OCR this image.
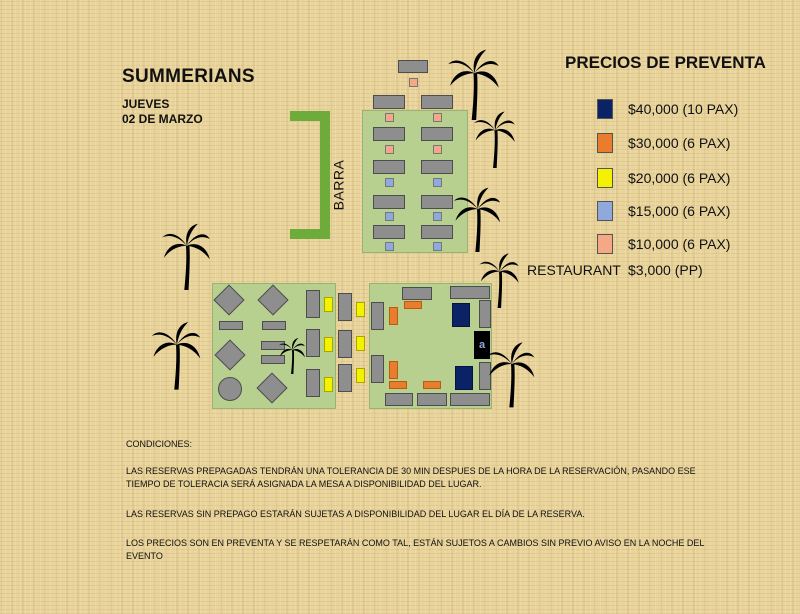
SUMMERIANS
JUEVES
02 DE MARZO
PRECIOS DE PREVENTA
$40,000 (10 PAX)
$30,000 (6 PAX)
$20,000 (6 PAX)
$15,000 (6 PAX)
$10,000 (6 PAX)
RESTAURANT $3,000 (PP)
BARRA
a
CONDICIONES:
LAS RESERVAS PREPAGADAS TENDRÁN UNA TOLERANCIA DE 30 MIN DESPUES DE LA HORA DE LA RESERVACIÓN, PASANDO ESE TIEMPO DE TOLERACIA SERÁ ASIGNADA LA MESA A DISPONIBILIDAD DEL LUGAR.
LAS RESERVAS SIN PREPAGO ESTARÁN SUJETAS A DISPONIBILIDAD DEL LUGAR EL DÍA DE LA RESERVA.
LOS PRECIOS SON EN PREVENTA Y SE RESPETARÁN COMO TAL, ESTÁN SUJETOS A CAMBIOS SIN PREVIO AVISO EN LA NOCHE DEL EVENTO
